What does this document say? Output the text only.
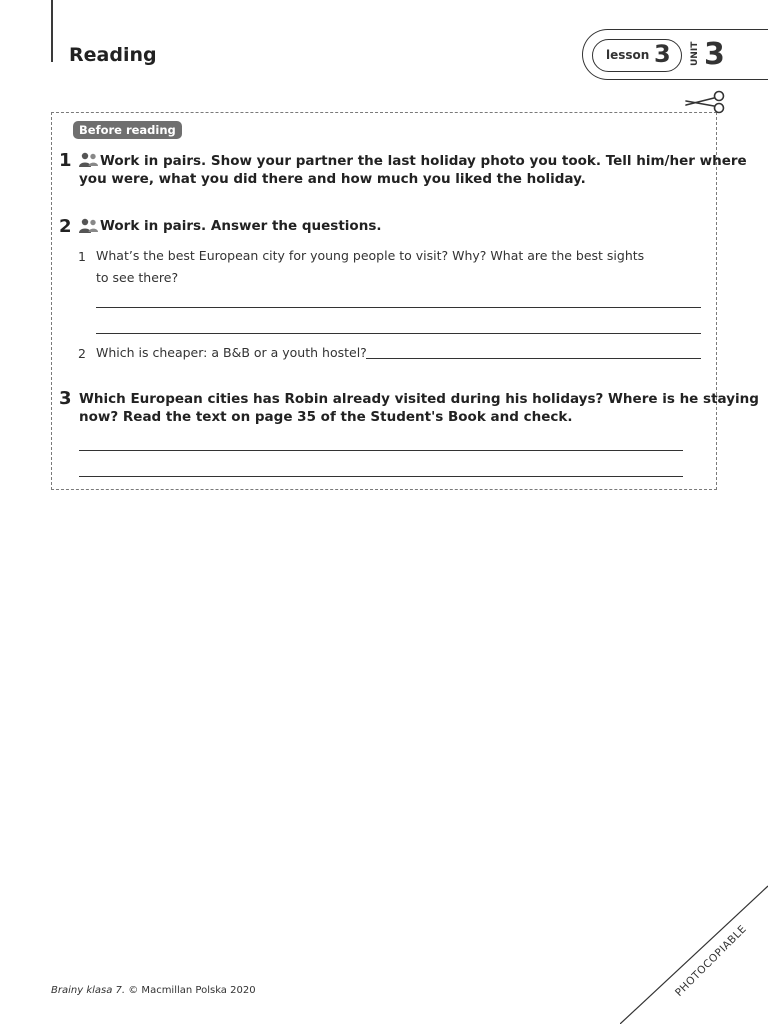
Reading	lesson 3 UNIT 3
Before reading
1 Work in pairs. Show your partner the last holiday photo you took. Tell him/her where

you were, what you did there and how much you liked the holiday.

2 Work in pairs. Answer the questions.

1 What’s the best European city for young people to visit? Why? What are the best sights

to see there?

2 Which is cheaper: a B&B or a youth hostel?

3 Which European cities has Robin already visited during his holidays? Where is he staying

now? Read the text on page 35 of the Student's Book and check.

Brainy klasa 7. © Macmillan Polska 2020	PHOTOCOPIABLE
